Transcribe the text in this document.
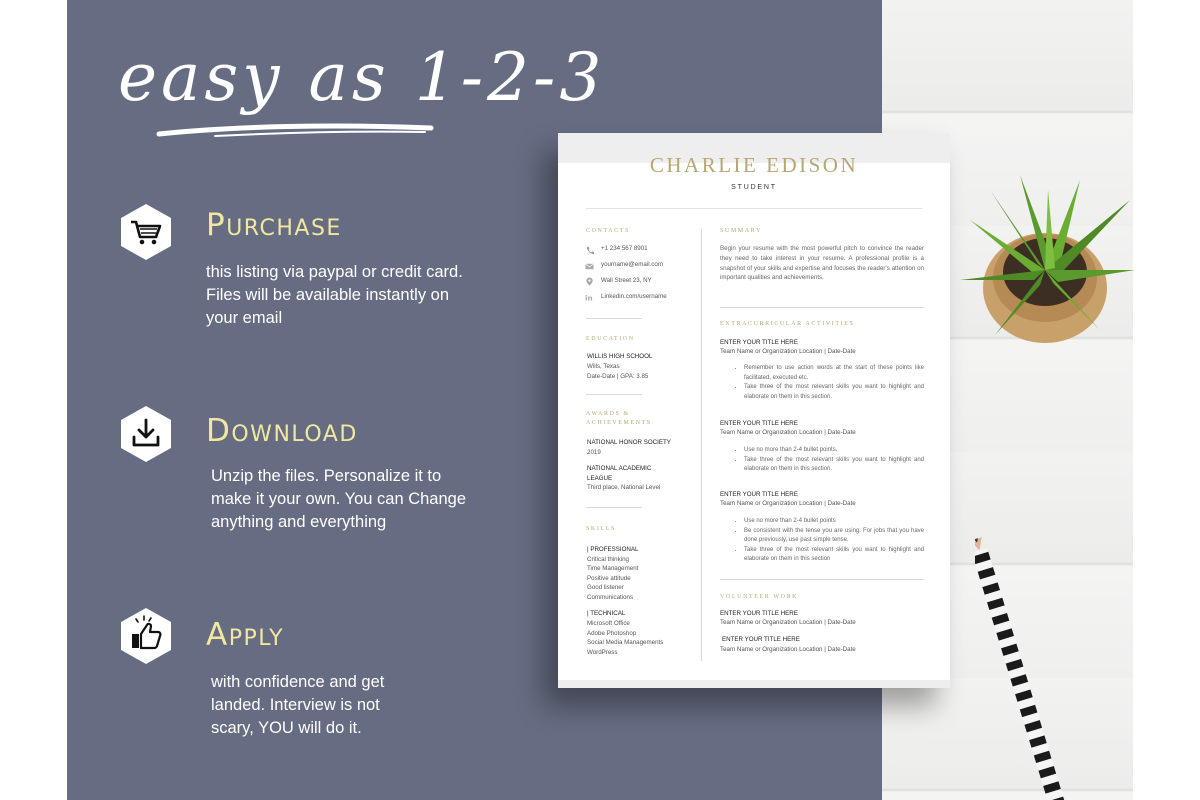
easy as 1-2-3
Purchase
this listing via paypal or credit card. Files will be available instantly on your email
Download
Unzip the files. Personalize it to make it your own. You can Change anything and everything
Apply
with confidence and get landed. Interview is not scary, YOU will do it.
CHARLIE EDISON
STUDENT
CONTACTS
+1 234 567 8901
yourname@email.com
Wall Street 23, NY
in Linkedin.com/username
EDUCATION
WILLIS HIGH SCHOOL
Wills, Texas
Date-Date | GPA: 3.85
AWARDS &
ACHIEVEMENTS
NATIONAL HONOR SOCIETY
2019
NATIONAL ACADEMIC
LEAGUE
Third place, National Level
SKILLS
| PROFESSIONAL
Critical thinking
Time Management
Positive attitude
Good listener
Communications
| TECHNICAL
Microsoft Office
Adobe Photoshop
Social Media Managements
WordPress
SUMMARY
Begin your resume with the most powerful pitch to convince the reader they need to take interest in your resume. A professional profile is a snapshot of your skills and expertise and focuses the reader's attention on important qualities and achievements.
EXTRACURRICULAR ACTIVITIES
ENTER YOUR TITLE HERE
Team Name or Organization Location | Date-Date
• Remember to use action words at the start of these points like facilitated, executed etc.
• Take three of the most relevant skills you want to highlight and elaborate on them in this section.
ENTER YOUR TITLE HERE
Team Name or Organization Location | Date-Date
• Use no more than 2-4 bullet points.
• Take three of the most relevant skills you want to highlight and elaborate on them in this section.
ENTER YOUR TITLE HERE
Team Name or Organization Location | Date-Date
• Use no more than 2-4 bullet points
• Be consistent with the tense you are using. For jobs that you have done previously, use past simple tense.
• Take three of the most relevant skills you want to highlight and elaborate on them in this section
VOLUNTEER WORK
ENTER YOUR TITLE HERE
Team Name or Organization Location | Date-Date
ENTER YOUR TITLE HERE
Team Name or Organization Location | Date-Date
